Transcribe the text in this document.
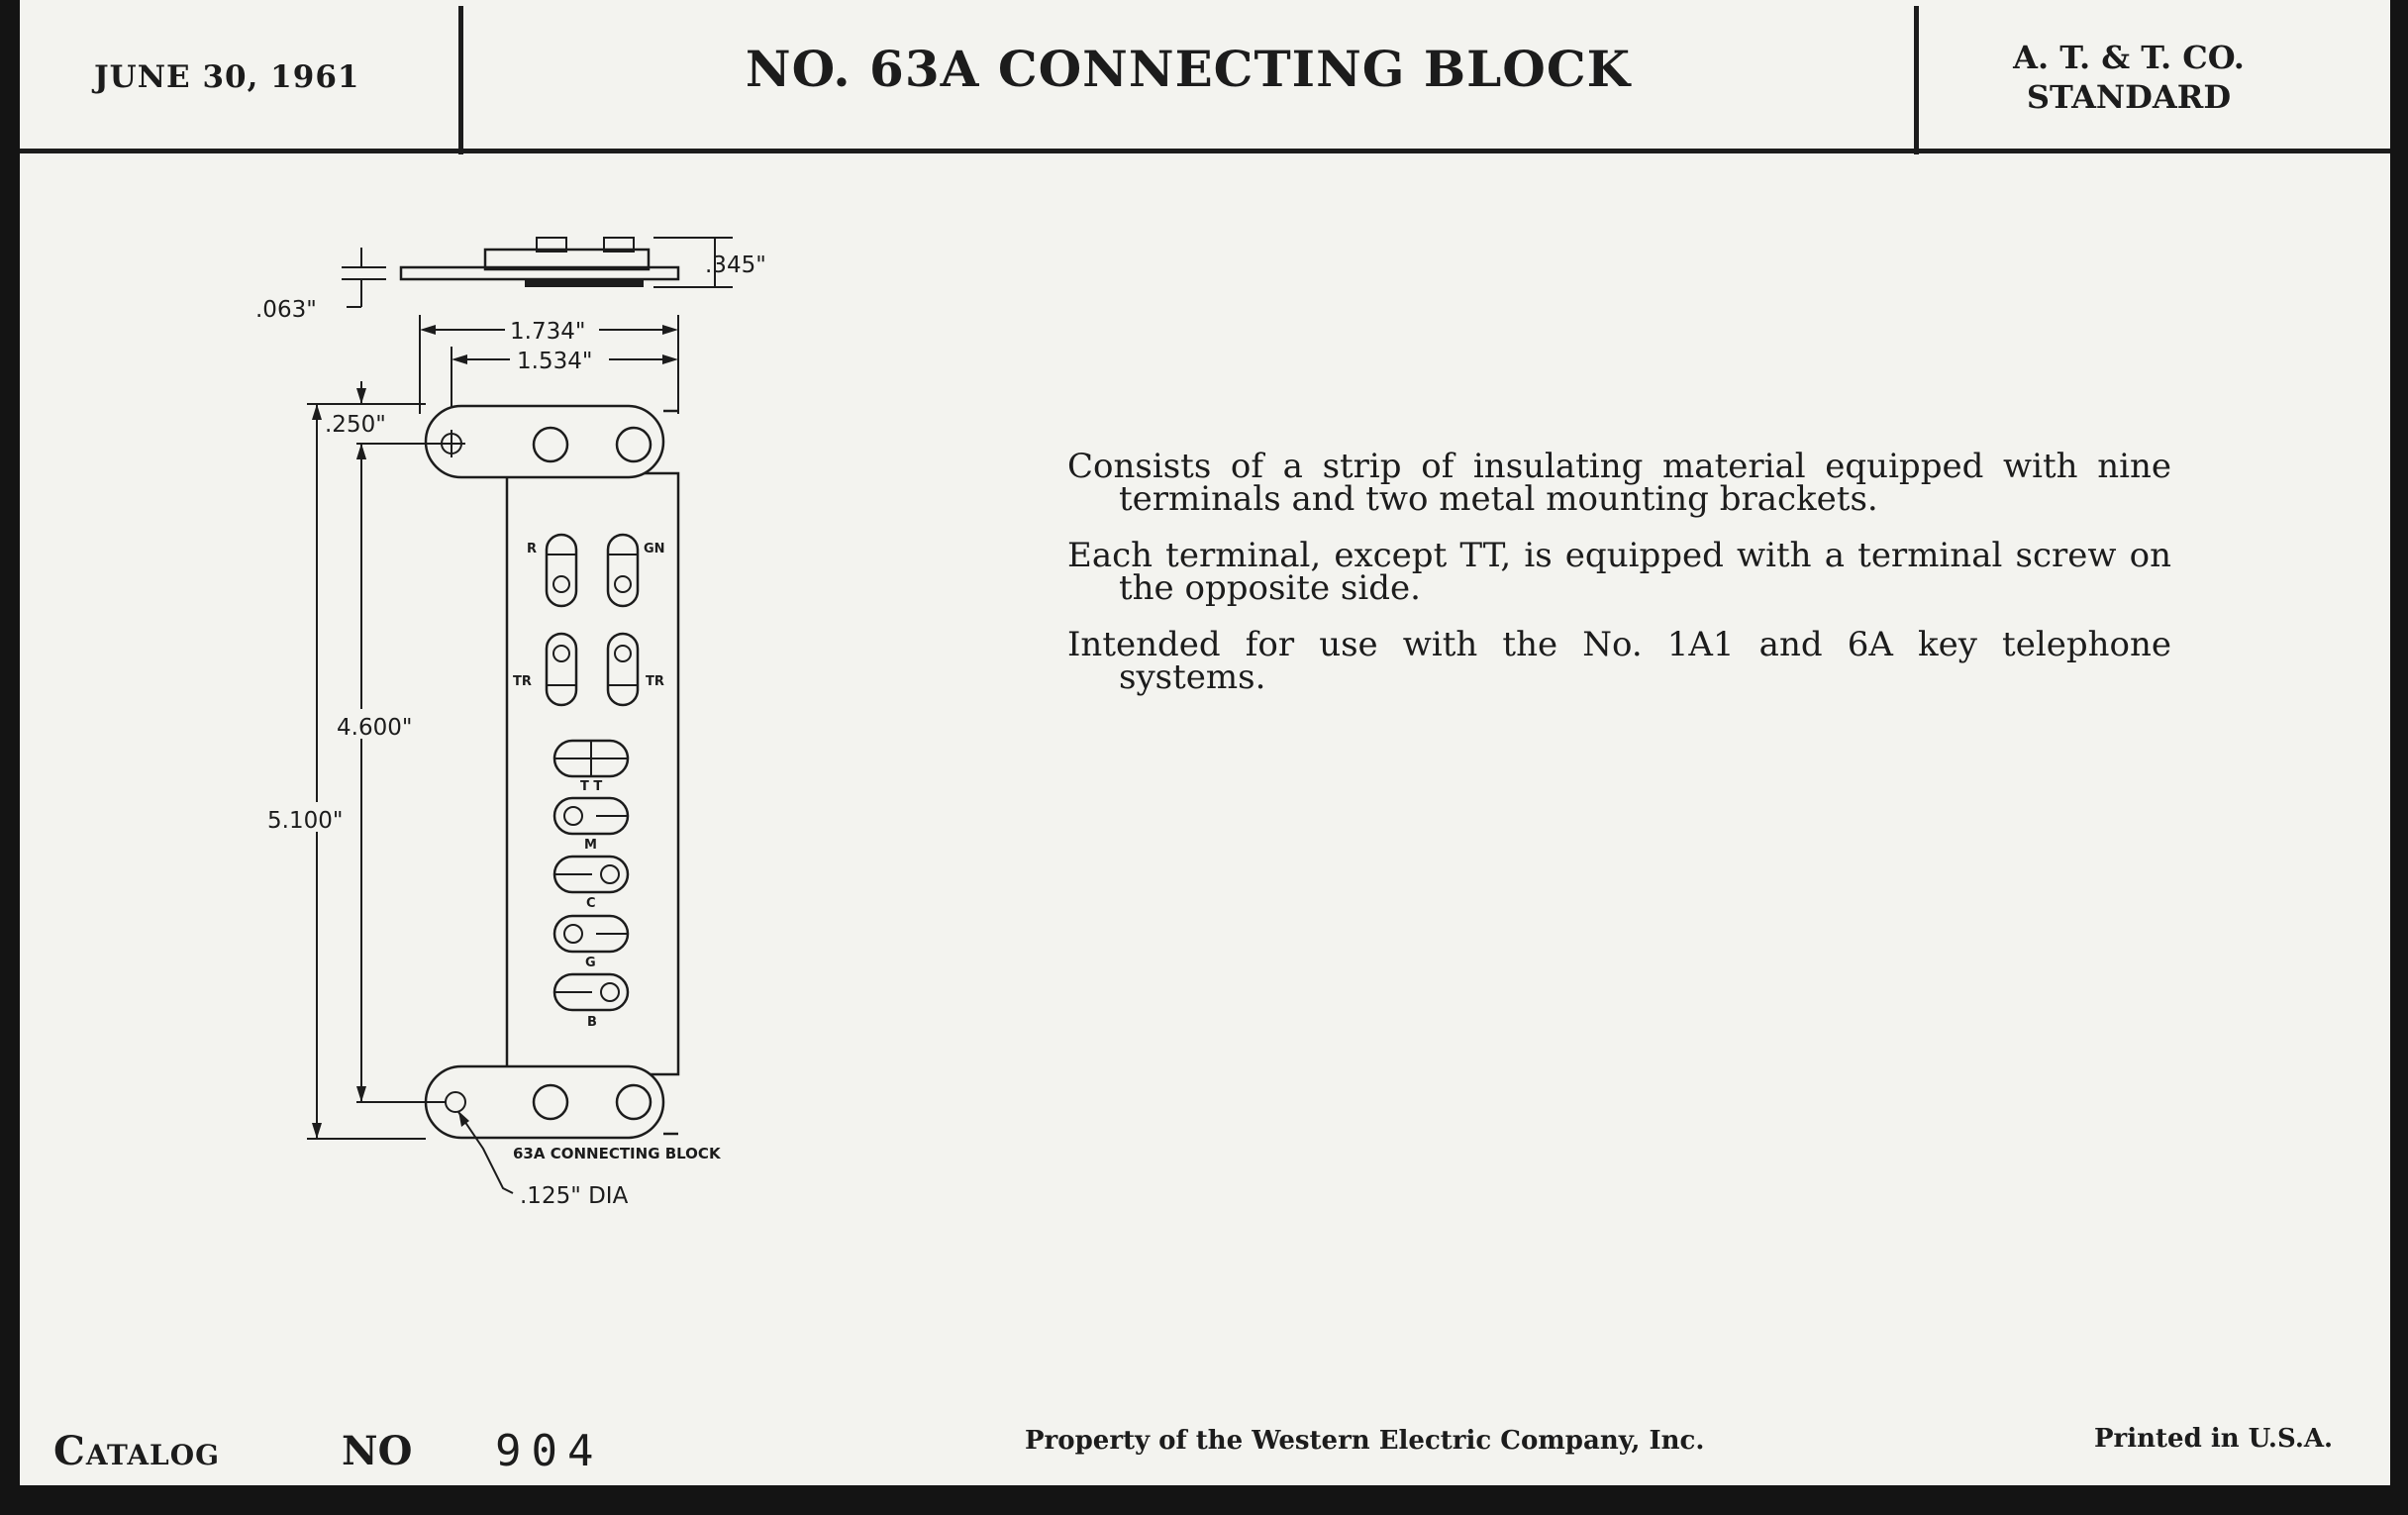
JUNE 30, 1961	NO. 63A CONNECTING BLOCK	A. T. & T. CO.
STANDARD
.063"
.345"
1.734"
1.534"
5.100"
.250"
4.600"
R	GN
TR	TR
T T
M
C
G
B
63A CONNECTING BLOCK
.125" DIA

Consists of a strip of insulating material equipped with nine terminals and two metal mounting brackets.

Each terminal, except TT, is equipped with a terminal screw on the opposite side.

Intended for use with the No. 1A1 and 6A key telephone systems.

Catalog	NO 904	Property of the Western Electric Company, Inc.	Printed in U.S.A.
